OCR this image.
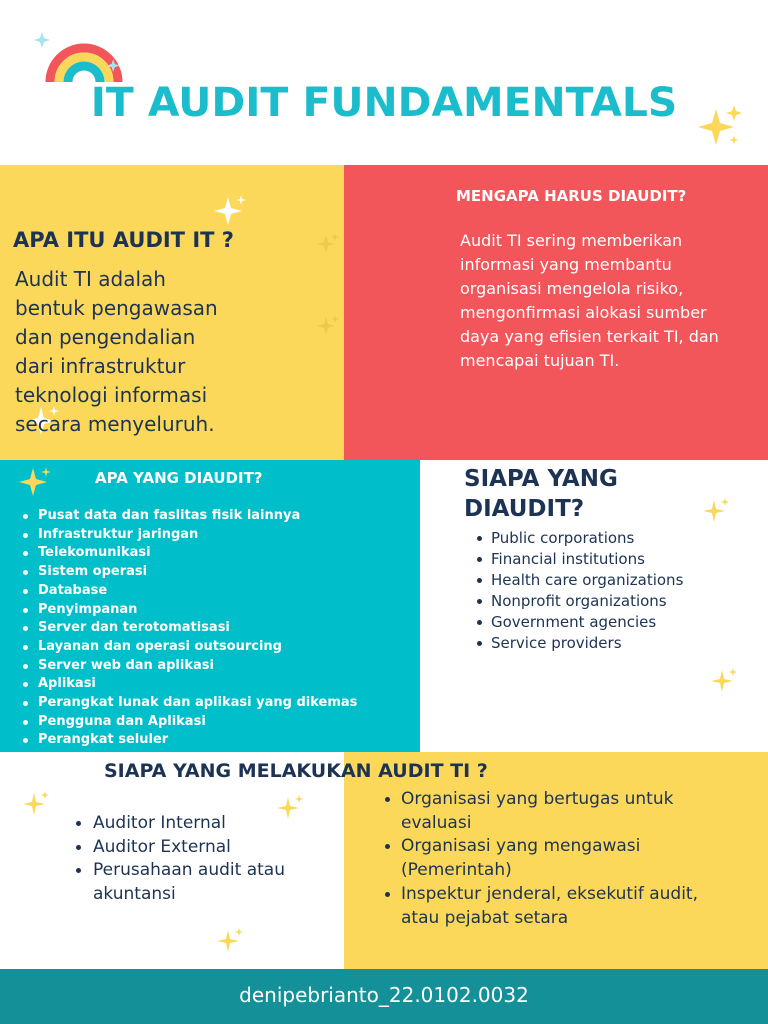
IT AUDIT FUNDAMENTALS
APA ITU AUDIT IT ?
Audit TI adalah
bentuk pengawasan
dan pengendalian
dari infrastruktur
teknologi informasi
secara menyeluruh.
MENGAPA HARUS DIAUDIT?
Audit TI sering memberikan
informasi yang membantu
organisasi mengelola risiko,
mengonfirmasi alokasi sumber
daya yang efisien terkait TI, dan
mencapai tujuan TI.
APA YANG DIAUDIT?
Pusat data dan faslitas fisik lainnya
Infrastruktur jaringan
Telekomunikasi
Sistem operasi
Database
Penyimpanan
Server dan terotomatisasi
Layanan dan operasi outsourcing
Server web dan aplikasi
Aplikasi
Perangkat lunak dan aplikasi yang dikemas
Pengguna dan Aplikasi
Perangkat seluler
SIAPA YANG
DIAUDIT?
Public corporations
Financial institutions
Health care organizations
Nonprofit organizations
Government agencies
Service providers
SIAPA YANG MELAKUKAN AUDIT TI ?
Auditor Internal
Auditor External
Perusahaan audit atau akuntansi
Organisasi yang bertugas untuk evaluasi
Organisasi yang mengawasi (Pemerintah)
Inspektur jenderal, eksekutif audit, atau pejabat setara
denipebrianto_22.0102.0032
